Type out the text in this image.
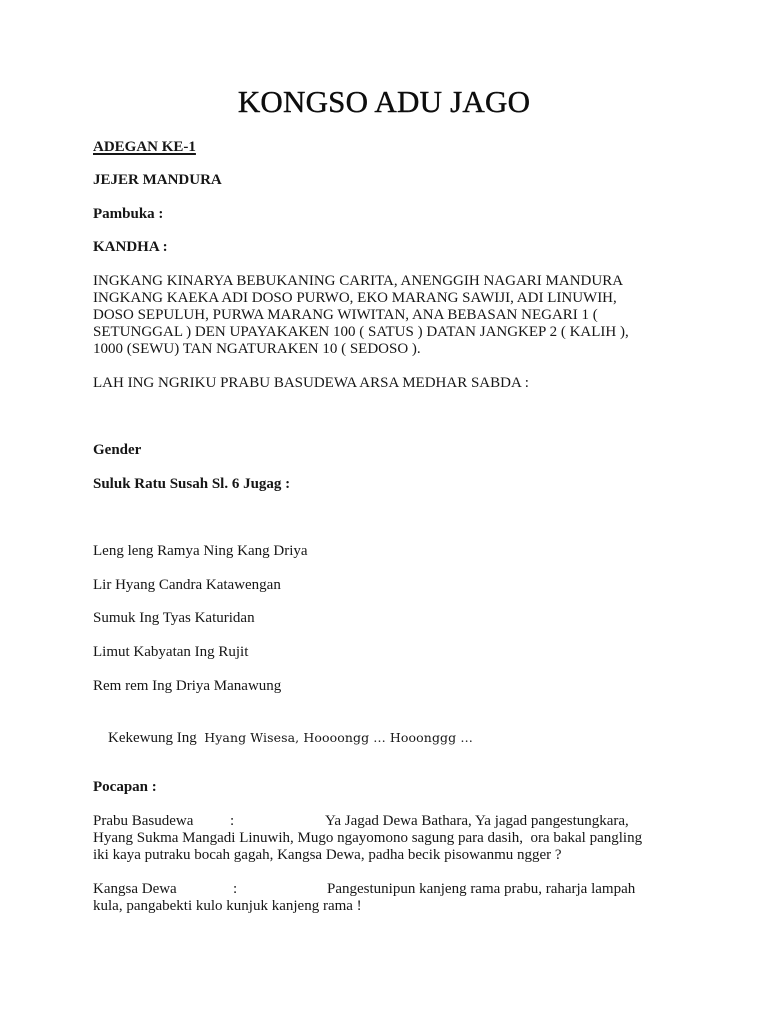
KONGSO ADU JAGO
ADEGAN KE-1
JEJER MANDURA
Pambuka :
KANDHA :
INGKANG KINARYA BEBUKANING CARITA, ANENGGIH NAGARI MANDURA
INGKANG KAEKA ADI DOSO PURWO, EKO MARANG SAWIJI, ADI LINUWIH,
DOSO SEPULUH, PURWA MARANG WIWITAN, ANA BEBASAN NEGARI 1 (
SETUNGGAL ) DEN UPAYAKAKEN 100 ( SATUS ) DATAN JANGKEP 2 ( KALIH ),
1000 (SEWU) TAN NGATURAKEN 10 ( SEDOSO ).
LAH ING NGRIKU PRABU BASUDEWA ARSA MEDHAR SABDA :
Gender
Suluk Ratu Susah Sl. 6 Jugag :
Leng leng Ramya Ning Kang Driya
Lir Hyang Candra Katawengan
Sumuk Ing Tyas Katuridan
Limut Kabyatan Ing Rujit
Rem rem Ing Driya Manawung

Kekewung Ing  Hyang Wisesa, Hoooongg … Hooonggg …

Pocapan :
Prabu Basudewa :	Ya Jagad Dewa Bathara, Ya jagad pangestungkara,
Hyang Sukma Mangadi Linuwih, Mugo ngayomono sagung para dasih,  ora bakal pangling
iki kaya putraku bocah gagah, Kangsa Dewa, padha becik pisowanmu ngger ?
Kangsa Dewa	:	Pangestunipun kanjeng rama prabu, raharja lampah
kula, pangabekti kulo kunjuk kanjeng rama !
